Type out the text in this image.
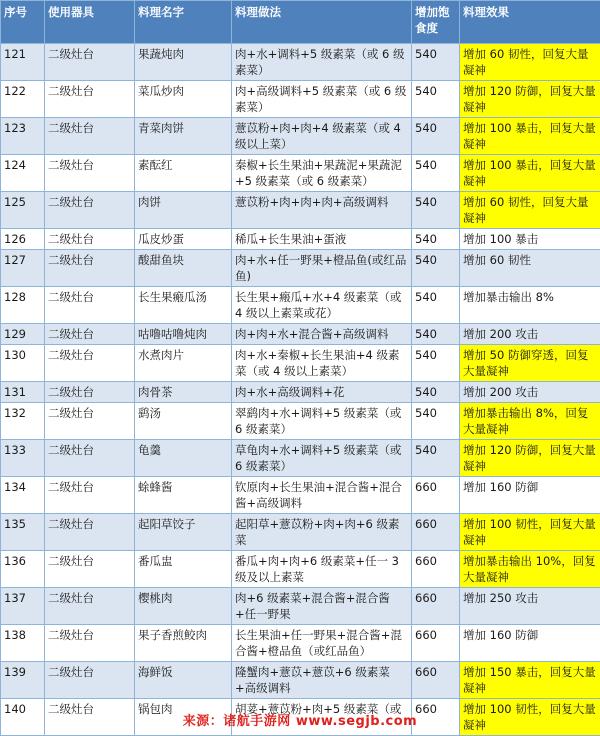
序号	使用器具	料理名字	料理做法	增加饱食度	料理效果
121	二级灶台	果蔬炖肉	肉+水+调料+5 级素菜（或 6 级素菜）	540	增加 60 韧性，回复大量凝神
122	二级灶台	菜瓜炒肉	肉+高级调料+5 级素菜（或 6 级素菜）	540	增加 120 防御，回复大量凝神
123	二级灶台	青菜肉饼	薏苡粉+肉+肉+4 级素菜（或 4 级以上菜）	540	增加 100 暴击，回复大量凝神
124	二级灶台	素酝红	秦椒+长生果油+果蔬泥+果蔬泥+5 级素菜（或 6 级素菜）	540	增加 100 暴击，回复大量凝神
125	二级灶台	肉饼	薏苡粉+肉+肉+肉+高级调料	540	增加 60 韧性，回复大量凝神
126	二级灶台	瓜皮炒蛋	稀瓜+长生果油+蛋液	540	增加 100 暴击
127	二级灶台	酸甜鱼块	肉+水+任一野果+橙品鱼(或红品鱼)	540	增加 60 韧性
128	二级灶台	长生果瘢瓜汤	长生果+瘢瓜+水+4 级素菜（或 4 级以上素菜或花）	540	增加暴击输出 8%
129	二级灶台	咕噜咕噜炖肉	肉+肉+水+混合酱+高级调料	540	增加 200 攻击
130	二级灶台	水煮肉片	肉+水+秦椒+长生果油+4 级素菜（或 4 级以上素菜）	540	增加 50 防御穿透，回复大量凝神
131	二级灶台	肉骨茶	肉+水+高级调料+花	540	增加 200 攻击
132	二级灶台	鹞汤	翠鹞肉+水+调料+5 级素菜（或 6 级素菜）	540	增加暴击输出 8%，回复大量凝神
133	二级灶台	龟羹	草龟肉+水+调料+5 级素菜（或 6 级素菜）	540	增加 120 防御，回复大量凝神
134	二级灶台	蜍蜂酱	钦原肉+长生果油+混合酱+混合酱+高级调料	660	增加 160 防御
135	二级灶台	起阳草饺子	起阳草+薏苡粉+肉+肉+6 级素菜	660	增加 100 韧性，回复大量凝神
136	二级灶台	番瓜盅	番瓜+肉+肉+6 级素菜+任一 3 级及以上素菜	660	增加暴击输出 10%，回复大量凝神
137	二级灶台	樱桃肉	肉+6 级素菜+混合酱+混合酱+任一野果	660	增加 250 攻击
138	二级灶台	果子香煎鲛肉	长生果油+任一野果+混合酱+混合酱+橙品鱼（或红品鱼）	660	增加 160 防御
139	二级灶台	海鲜饭	隆蟹肉+薏苡+薏苡+6 级素菜+高级调料	660	增加 150 暴击，回复大量凝神
140	二级灶台	锅包肉	胡荽+薏苡粉+肉+5 级素菜（或	660	增加 100 韧性，回复大量凝神
来源：诸航手游网 www.segjb.com
